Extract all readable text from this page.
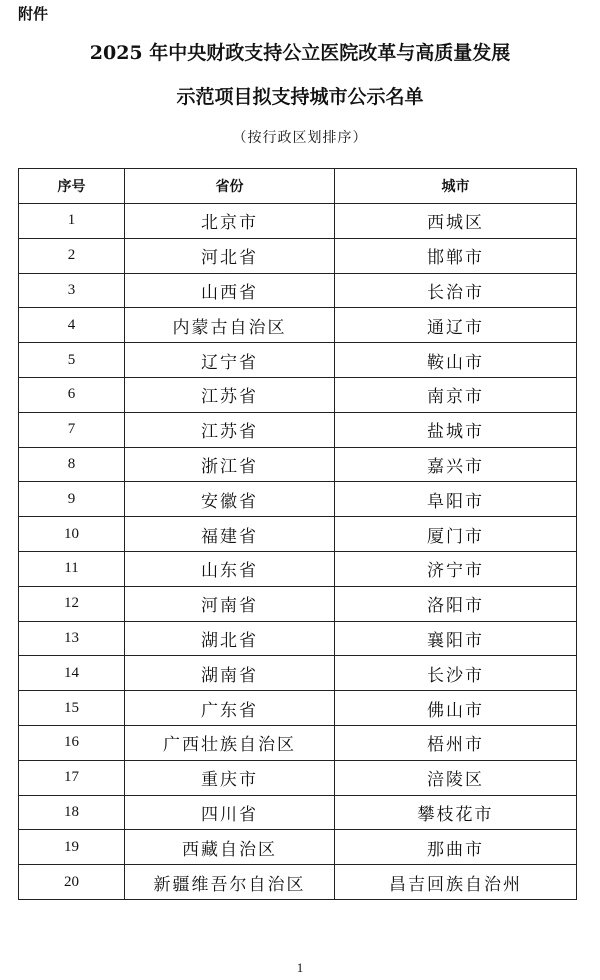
附件
2025 年中央财政支持公立医院改革与高质量发展
示范项目拟支持城市公示名单
（按行政区划排序）
序号	省份	城市
1	北京市	西城区
2	河北省	邯郸市
3	山西省	长治市
4	内蒙古自治区	通辽市
5	辽宁省	鞍山市
6	江苏省	南京市
7	江苏省	盐城市
8	浙江省	嘉兴市
9	安徽省	阜阳市
10	福建省	厦门市
11	山东省	济宁市
12	河南省	洛阳市
13	湖北省	襄阳市
14	湖南省	长沙市
15	广东省	佛山市
16	广西壮族自治区	梧州市
17	重庆市	涪陵区
18	四川省	攀枝花市
19	西藏自治区	那曲市
20	新疆维吾尔自治区	昌吉回族自治州
1
